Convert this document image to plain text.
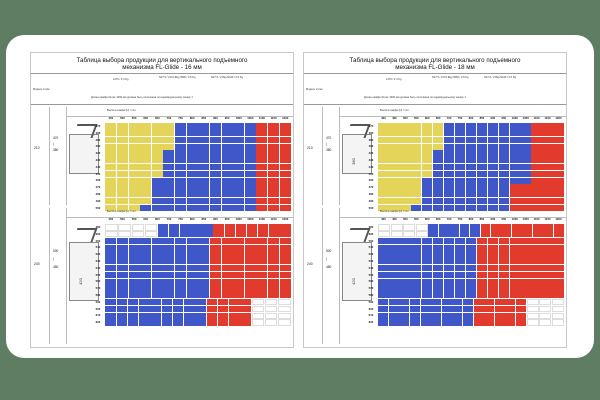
Таблица выбора продукции для вертикального подъемного механизма FL-Glide - 16 мм
Модель стояк
L270 / 2.4 Kg
N27 5 / 2.8-6.9kg N500 / 2.5 Kg	N27 5 / 2.8kg N440 / 2.5 Kg
Длина шкафа более 1000 мм должна быть исполнена по индивидуальному заказу 1
210
470
|
380
Высота шкафа (H) / mm
450	500	550	600	650	700	750	800	850	900	950	1000	1050	1100	1150	1200
470
480
480
490
420
430
440
450
460
470
480
490
500
240
500
|
480
420
Высота шкафа (H) / mm
450	500	550	600	650	700	750	800	850	900	950	1000	1050	1100	1150	1200
380
390
500
510
520
530
540
550
560
570
580
590
600
610
620
Таблица выбора продукции для вертикального подъемного механизма FL-Glide - 18 мм
Модель стояк
L270 / 2.4 Kg
N27 5 / 2.8-6.9kg N500 / 2.5 Kg	N27 5 / 2.8kg N440 / 2.5 Kg
Длина шкафа более 1000 мм должна быть исполнена по индивидуальному заказу 1
210
470
|
380
380
Высота шкафа (H) / mm
400	450	500	550	600	650	700	750	800	850	900	950	1000	1050	1100	1150	1200
470
480
480
490
420
430
440
450
460
470
480
490
500
240
500
|
480
420
Высота шкафа (H) / mm
400	450	500	550	600	650	700	750	800	850	900	950	1000	1050	1100	1150	1200
380
390
500
510
520
530
540
550
560
570
580
590
600
610
620
